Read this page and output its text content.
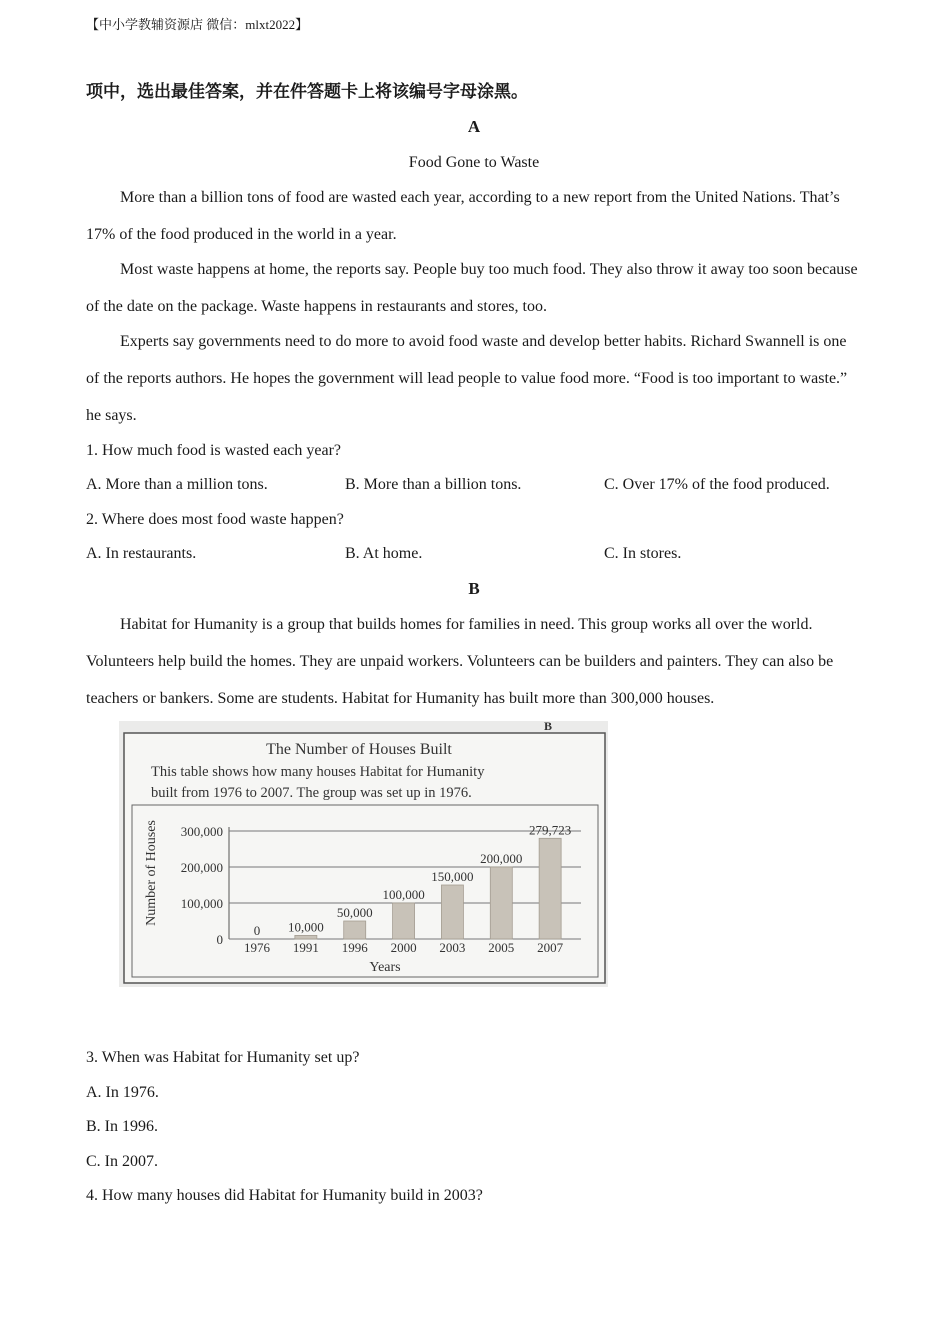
【中小学教辅资源店 微信：mlxt2022】
项中，选出最佳答案，并在件答题卡上将该编号字母涂黑。
A
Food Gone to Waste
More than a billion tons of food are wasted each year, according to a new report from the United Nations. That’s 17% of the food produced in the world in a year.
Most waste happens at home, the reports say. People buy too much food. They also throw it away too soon because of the date on the package. Waste happens in restaurants and stores, too.
Experts say governments need to do more to avoid food waste and develop better habits. Richard Swannell is one of the reports authors. He hopes the government will lead people to value food more. “Food is too important to waste.” he says.
1. How much food is wasted each year?
A. More than a million tons.	B. More than a billion tons.	C. Over 17% of the food produced.
2. Where does most food waste happen?
A. In restaurants.	B. At home.	C. In stores.
B
Habitat for Humanity is a group that builds homes for families in need. This group works all over the world. Volunteers help build the homes. They are unpaid workers. Volunteers can be builders and painters. They can also be teachers or bankers. Some are students. Habitat for Humanity has built more than 300,000 houses.
3. When was Habitat for Humanity set up?
A. In 1976.
B. In 1996.
C. In 2007.
4. How many houses did Habitat for Humanity build in 2003?
B
The Number of Houses Built
This table shows how many houses Habitat for Humanity
built from 1976 to 2007. The group was set up in 1976.
Number of Houses
Years
0
100,000
200,000
300,000
0
1976
10,000
1991
50,000
1996
100,000
2000
150,000
2003
200,000
2005
279,723
2007
